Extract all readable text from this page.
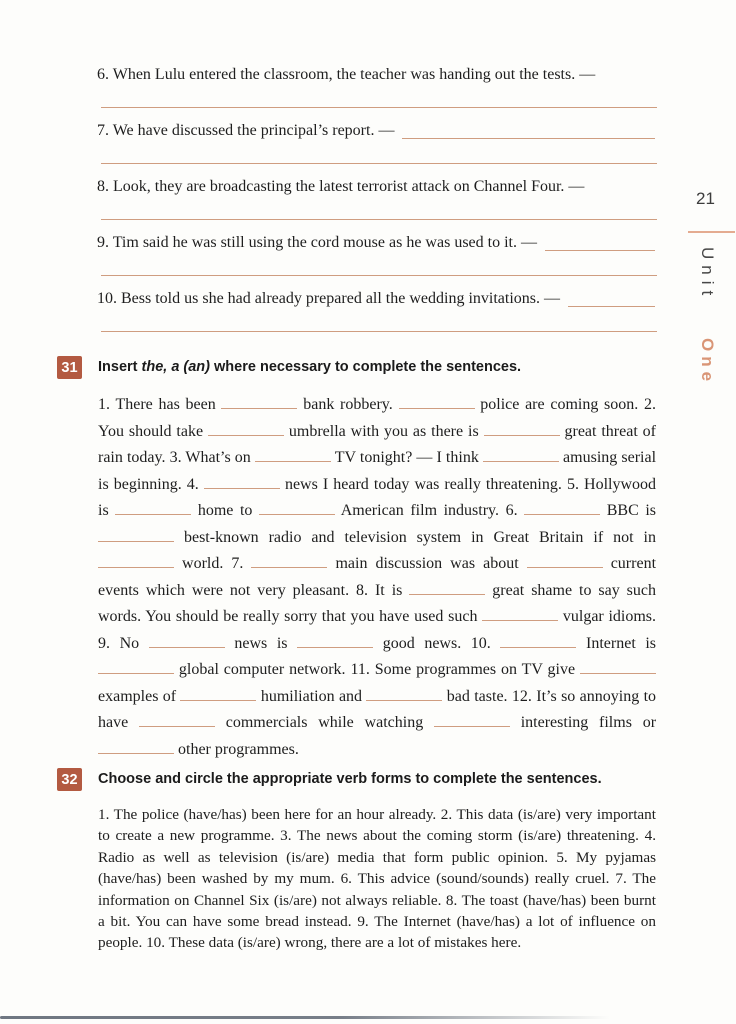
6. When Lulu entered the classroom, the teacher was handing out the tests. —
7. We have discussed the principal’s report. —
8. Look, they are broadcasting the latest terrorist attack on Channel Four. —
9. Tim said he was still using the cord mouse as he was used to it. —
10. Bess told us she had already prepared all the wedding invitations. —
31	Insert the, a (an) where necessary to complete the sentences.

1. There has been	bank robbery.	police are coming soon. 2. You should take	umbrella with you as there is	great threat of rain today. 3. What’s on	TV tonight? — I think	amusing serial is beginning. 4.	news I heard today was really threatening. 5. Hollywood is	home to	American film industry. 6.	BBC is  best-known radio and television system in Great Britain if not in  world. 7.	main discussion was about	current events which were not very pleasant. 8. It is	great shame to say such words. You should be really sorry that you have used such	vulgar idioms. 9. No	news is	good news. 10.	Internet is  global computer network. 11. Some programmes on TV give  examples of	humiliation and	bad taste. 12. It’s so annoying to have	commercials while watching	interesting films or  other programmes.

32	Choose and circle the appropriate verb forms to complete the sentences.

1. The police (have/has) been here for an hour already. 2. This data (is/are) very important to create a new programme. 3. The news about the coming storm (is/are) threatening. 4. Radio as well as television (is/are) media that form public opinion. 5. My pyjamas (have/has) been washed by my mum. 6. This advice (sound/sounds) really cruel. 7. The information on Channel Six (is/are) not always reliable. 8. The toast (have/has) been burnt a bit. You can have some bread instead. 9. The Internet (have/has) a lot of influence on people. 10. These data (is/are) wrong, there are a lot of mistakes here.

21
Unit
One
